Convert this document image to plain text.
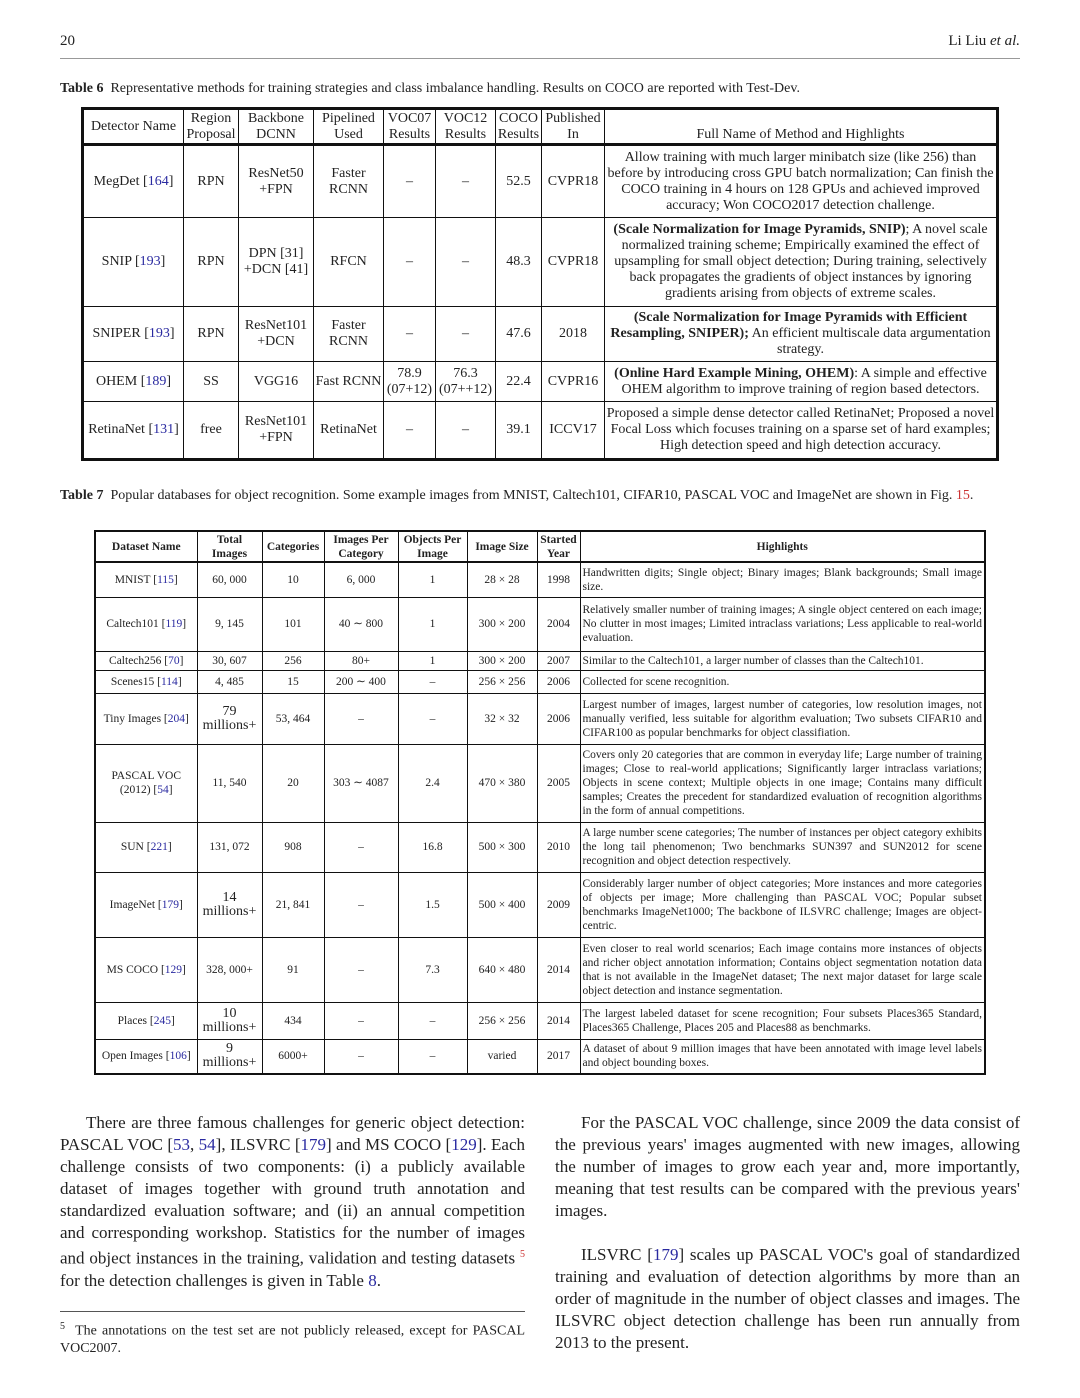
20	Li Liu et al.
Table 6 Representative methods for training strategies and class imbalance handling. Results on COCO are reported with Test-Dev.
Detector Name	Region Proposal	Backbone DCNN	Pipelined Used	VOC07 Results	VOC12 Results	COCO Results	Published In	Full Name of Method and Highlights
MegDet [164]	RPN	ResNet50 +FPN	Faster RCNN	–	–	52.5	CVPR18	Allow training with much larger minibatch size (like 256) than before by introducing cross GPU batch normalization; Can finish the COCO training in 4 hours on 128 GPUs and achieved improved accuracy; Won COCO2017 detection challenge.
SNIP [193]	RPN	DPN [31] +DCN [41]	RFCN	–	–	48.3	CVPR18	(Scale Normalization for Image Pyramids, SNIP); A novel scale normalized training scheme; Empirically examined the effect of upsampling for small object detection; During training, selectively back propagates the gradients of object instances by ignoring gradients arising from objects of extreme scales.
SNIPER [193]	RPN	ResNet101 +DCN	Faster RCNN	–	–	47.6	2018	(Scale Normalization for Image Pyramids with Efficient Resampling, SNIPER); An efficient multiscale data argumentation strategy.
OHEM [189]	SS	VGG16	Fast RCNN	78.9 (07+12)	76.3 (07++12)	22.4	CVPR16	(Online Hard Example Mining, OHEM): A simple and effective OHEM algorithm to improve training of region based detectors.
RetinaNet [131]	free	ResNet101 +FPN	RetinaNet	–	–	39.1	ICCV17	Proposed a simple dense detector called RetinaNet; Proposed a novel Focal Loss which focuses training on a sparse set of hard examples; High detection speed and high detection accuracy.
Table 7 Popular databases for object recognition. Some example images from MNIST, Caltech101, CIFAR10, PASCAL VOC and ImageNet are shown in Fig. 15.
Dataset Name	Total Images	Categories	Images Per Category	Objects Per Image	Image Size	Started Year	Highlights
MNIST [115]	60, 000	10	6, 000	1	28 × 28	1998	Handwritten digits; Single object; Binary images; Blank backgrounds; Small image size.
Caltech101 [119]	9, 145	101	40 ∼ 800	1	300 × 200	2004	Relatively smaller number of training images; A single object centered on each image; No clutter in most images; Limited intraclass variations; Less applicable to real-world evaluation.
Caltech256 [70]	30, 607	256	80+	1	300 × 200	2007	Similar to the Caltech101, a larger number of classes than the Caltech101.
Scenes15 [114]	4, 485	15	200 ∼ 400	–	256 × 256	2006	Collected for scene recognition.
Tiny Images [204]	79 millions+	53, 464	–	–	32 × 32	2006	Largest number of images, largest number of categories, low resolution images, not manually verified, less suitable for algorithm evaluation; Two subsets CIFAR10 and CIFAR100 as popular benchmarks for object classifiation.
PASCAL VOC (2012) [54]	11, 540	20	303 ∼ 4087	2.4	470 × 380	2005	Covers only 20 categories that are common in everyday life; Large number of training images; Close to real-world applications; Significantly larger intraclass variations; Objects in scene context; Multiple objects in one image; Contains many difficult samples; Creates the precedent for standardized evaluation of recognition algorithms in the form of annual competitions.
SUN [221]	131, 072	908	–	16.8	500 × 300	2010	A large number scene categories; The number of instances per object category exhibits the long tail phenomenon; Two benchmarks SUN397 and SUN2012 for scene recognition and object detection respectively.
ImageNet [179]	14 millions+	21, 841	–	1.5	500 × 400	2009	Considerably larger number of object categories; More instances and more categories of objects per image; More challenging than PASCAL VOC; Popular subset benchmarks ImageNet1000; The backbone of ILSVRC challenge; Images are object-centric.
MS COCO [129]	328, 000+	91	–	7.3	640 × 480	2014	Even closer to real world scenarios; Each image contains more instances of objects and richer object annotation information; Contains object segmentation notation data that is not available in the ImageNet dataset; The next major dataset for large scale object detection and instance segmentation.
Places [245]	10 millions+	434	–	–	256 × 256	2014	The largest labeled dataset for scene recognition; Four subsets Places365 Standard, Places365 Challenge, Places 205 and Places88 as benchmarks.
Open Images [106]	9 millions+	6000+	–	–	varied	2017	A dataset of about 9 million images that have been annotated with image level labels and object bounding boxes.

There are three famous challenges for generic object detection: PASCAL VOC [53, 54], ILSVRC [179] and MS COCO [129]. Each challenge consists of two components: (i) a publicly available dataset of images together with ground truth annotation and standardized evaluation software; and (ii) an annual competition and corresponding workshop. Statistics for the number of images and object instances in the training, validation and testing datasets $^5$ for the detection challenges is given in Table 8.

For the PASCAL VOC challenge, since 2009 the data consist of the previous years' images augmented with new images, allowing the number of images to grow each year and, more importantly, meaning that test results can be compared with the previous years' images.

ILSVRC [179] scales up PASCAL VOC's goal of standardized training and evaluation of detection algorithms by more than an order of magnitude in the number of object classes and images. The ILSVRC object detection challenge has been run annually from 2013 to the present.

$^5$ The annotations on the test set are not publicly released, except for PASCAL VOC2007.
